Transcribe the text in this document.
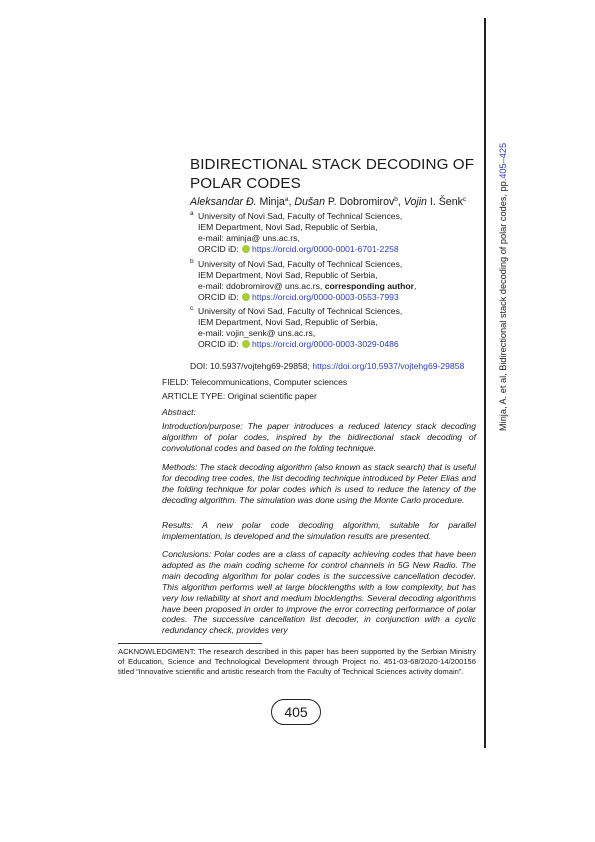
Minja, A. et al, Bidirectional stack decoding of polar codes, pp.405–425
BIDIRECTIONAL STACK DECODING OF
POLAR CODES
Aleksandar Đ. Minja$^a$, Dušan P. Dobromirov$^b$, Vojin I. Šenk$^c$
a University of Novi Sad, Faculty of Technical Sciences,
IEM Department, Novi Sad, Republic of Serbia,
e-mail: aminja@ uns.ac.rs,
ORCID iD: https://orcid.org/0000-0001-6701-2258
b University of Novi Sad, Faculty of Technical Sciences,
IEM Department, Novi Sad, Republic of Serbia,
e-mail: ddobromirov@ uns.ac.rs, corresponding author,
ORCID iD: https://orcid.org/0000-0003-0553-7993
c University of Novi Sad, Faculty of Technical Sciences,
IEM Department, Novi Sad, Republic of Serbia,
e-mail: vojin_senk@ uns.ac.rs,
ORCID iD: https://orcid.org/0000-0003-3029-0486
DOI: 10.5937/vojtehg69-29858; https://doi.org/10.5937/vojtehg69-29858
FIELD: Telecommunications, Computer sciences
ARTICLE TYPE: Original scientific paper
Abstract:
Introduction/purpose: The paper introduces a reduced latency stack decoding algorithm of polar codes, inspired by the bidirectional stack decoding of convolutional codes and based on the folding technique.
Methods: The stack decoding algorithm (also known as stack search) that is useful for decoding tree codes, the list decoding technique introduced by Peter Elias and the folding technique for polar codes which is used to reduce the latency of the decoding algorithm. The simulation was done using the Monte Carlo procedure.
Results: A new polar code decoding algorithm, suitable for parallel implementation, is developed and the simulation results are presented.
Conclusions: Polar codes are a class of capacity achieving codes that have been adopted as the main coding scheme for control channels in 5G New Radio. The main decoding algorithm for polar codes is the successive cancellation decoder. This algorithm performs well at large blocklengths with a low complexity, but has very low reliability at short and medium blocklengths. Several decoding algorithms have been proposed in order to improve the error correcting performance of polar codes. The successive cancellation list decoder, in conjunction with a cyclic redundancy check, provides very
ACKNOWLEDGMENT: The research described in this paper has been supported by the Serbian Ministry of Education, Science and Technological Development through Project no. 451-03-68/2020-14/200156 titled “Innovative scientific and artistic research from the Faculty of Technical Sciences activity domain”.
405
